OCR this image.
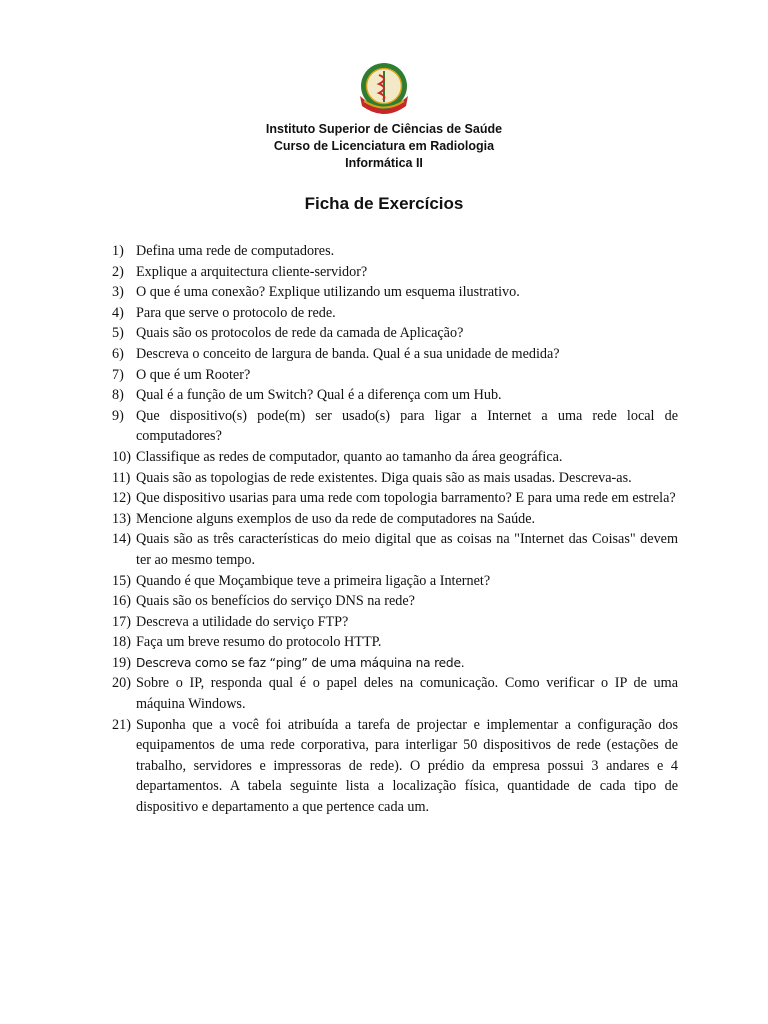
Instituto Superior de Ciências de Saúde
Curso de Licenciatura em Radiologia
Informática II
Ficha de Exercícios
1) Defina uma rede de computadores.
2) Explique a arquitectura cliente-servidor?
3) O que é uma conexão? Explique utilizando um esquema ilustrativo.
4) Para que serve o protocolo de rede.
5) Quais são os protocolos de rede da camada de Aplicação?
6) Descreva o conceito de largura de banda. Qual é a sua unidade de medida?
7) O que é um Rooter?
8) Qual é a função de um Switch? Qual é a diferença com um Hub.
9) Que dispositivo(s) pode(m) ser usado(s) para ligar a Internet a uma rede local de computadores?
10) Classifique as redes de computador, quanto ao tamanho da área geográfica.
11) Quais são as topologias de rede existentes. Diga quais são as mais usadas. Descreva-as.
12) Que dispositivo usarias para uma rede com topologia barramento? E para uma rede em estrela?
13) Mencione alguns exemplos de uso da rede de computadores na Saúde.
14) Quais são as três características do meio digital que as coisas na "Internet das Coisas" devem ter ao mesmo tempo.
15) Quando é que Moçambique teve a primeira ligação a Internet?
16) Quais são os benefícios do serviço DNS na rede?
17) Descreva a utilidade do serviço FTP?
18) Faça um breve resumo do protocolo HTTP.
19) Descreva como se faz “ping” de uma máquina na rede.
20) Sobre o IP, responda qual é o papel deles na comunicação. Como verificar o IP de uma máquina Windows.
21) Suponha que a você foi atribuída a tarefa de projectar e implementar a configuração dos equipamentos de uma rede corporativa, para interligar 50 dispositivos de rede (estações de trabalho, servidores e impressoras de rede). O prédio da empresa possui 3 andares e 4 departamentos. A tabela seguinte lista a localização física, quantidade de cada tipo de dispositivo e departamento a que pertence cada um.
